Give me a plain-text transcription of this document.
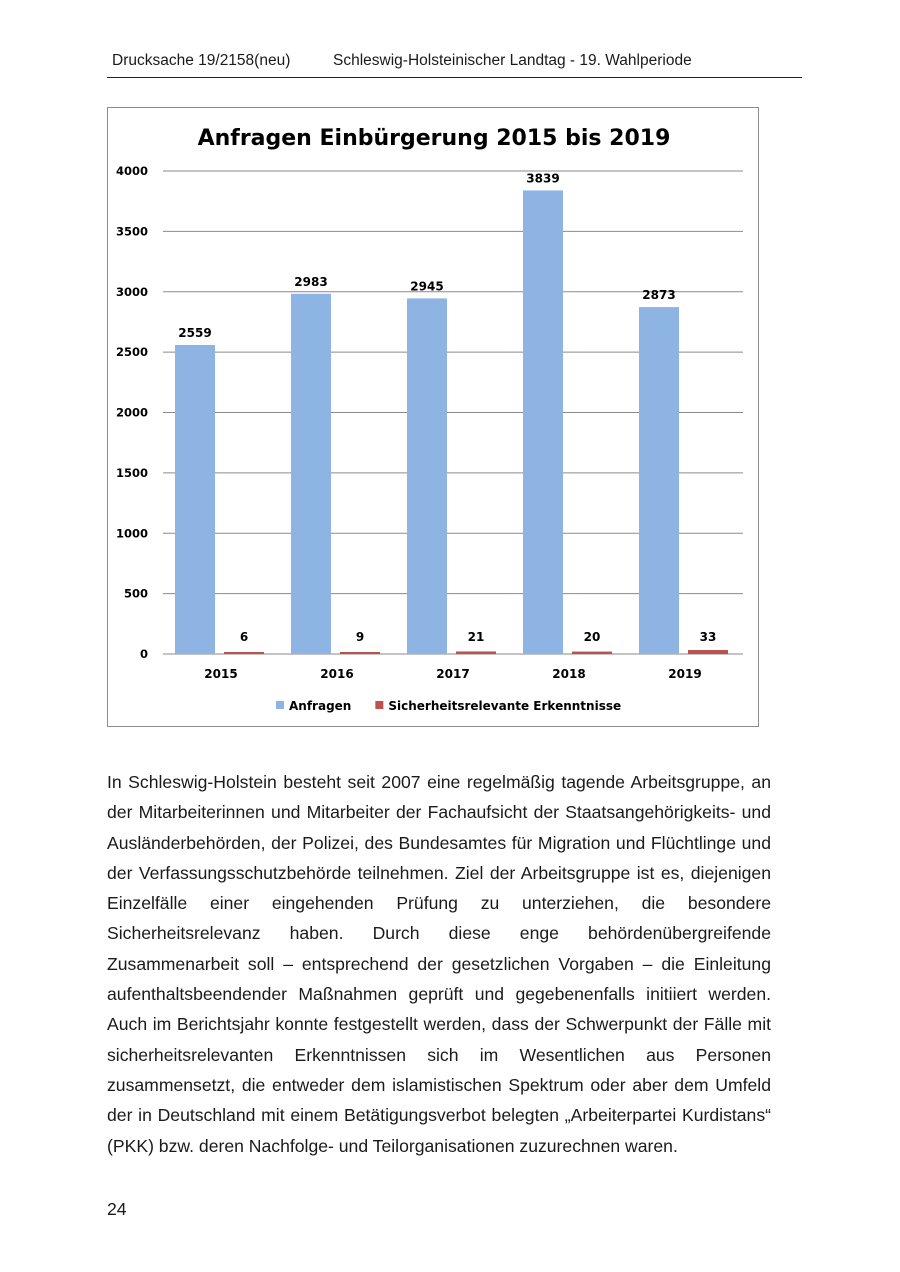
Drucksache 19/2158(neu)	Schleswig-Holsteinischer Landtag - 19. Wahlperiode
Anfragen Einbürgerung 2015 bis 2019
0
500
1000
1500
2000
2500
3000
3500
4000
2559
6
2983
9
2945
21
3839
20
2873
33
2015	2016	2017	2018	2019
Anfragen	Sicherheitsrelevante Erkenntnisse
In Schleswig-Holstein besteht seit 2007 eine regelmäßig tagende Arbeitsgruppe, an der Mitarbeiterinnen und Mitarbeiter der Fachaufsicht der Staatsangehörigkeits- und Ausländerbehörden, der Polizei, des Bundesamtes für Migration und Flüchtlinge und der Verfassungsschutzbehörde teilnehmen. Ziel der Arbeitsgruppe ist es, diejenigen Einzelfälle einer eingehenden Prüfung zu unterziehen, die besondere Sicherheitsrelevanz haben. Durch diese enge behördenübergreifende Zusammenarbeit soll – entsprechend der gesetzlichen Vorgaben – die Einleitung aufenthaltsbeendender Maßnahmen geprüft und gegebenenfalls initiiert werden. Auch im Berichtsjahr konnte festgestellt werden, dass der Schwerpunkt der Fälle mit sicherheitsrelevanten Erkenntnissen sich im Wesentlichen aus Personen zusammensetzt, die entweder dem islamistischen Spektrum oder aber dem Umfeld der in Deutschland mit einem Betätigungsverbot belegten „Arbeiterpartei Kurdistans“ (PKK) bzw. deren Nachfolge- und Teilorganisationen zuzurechnen waren.
24
